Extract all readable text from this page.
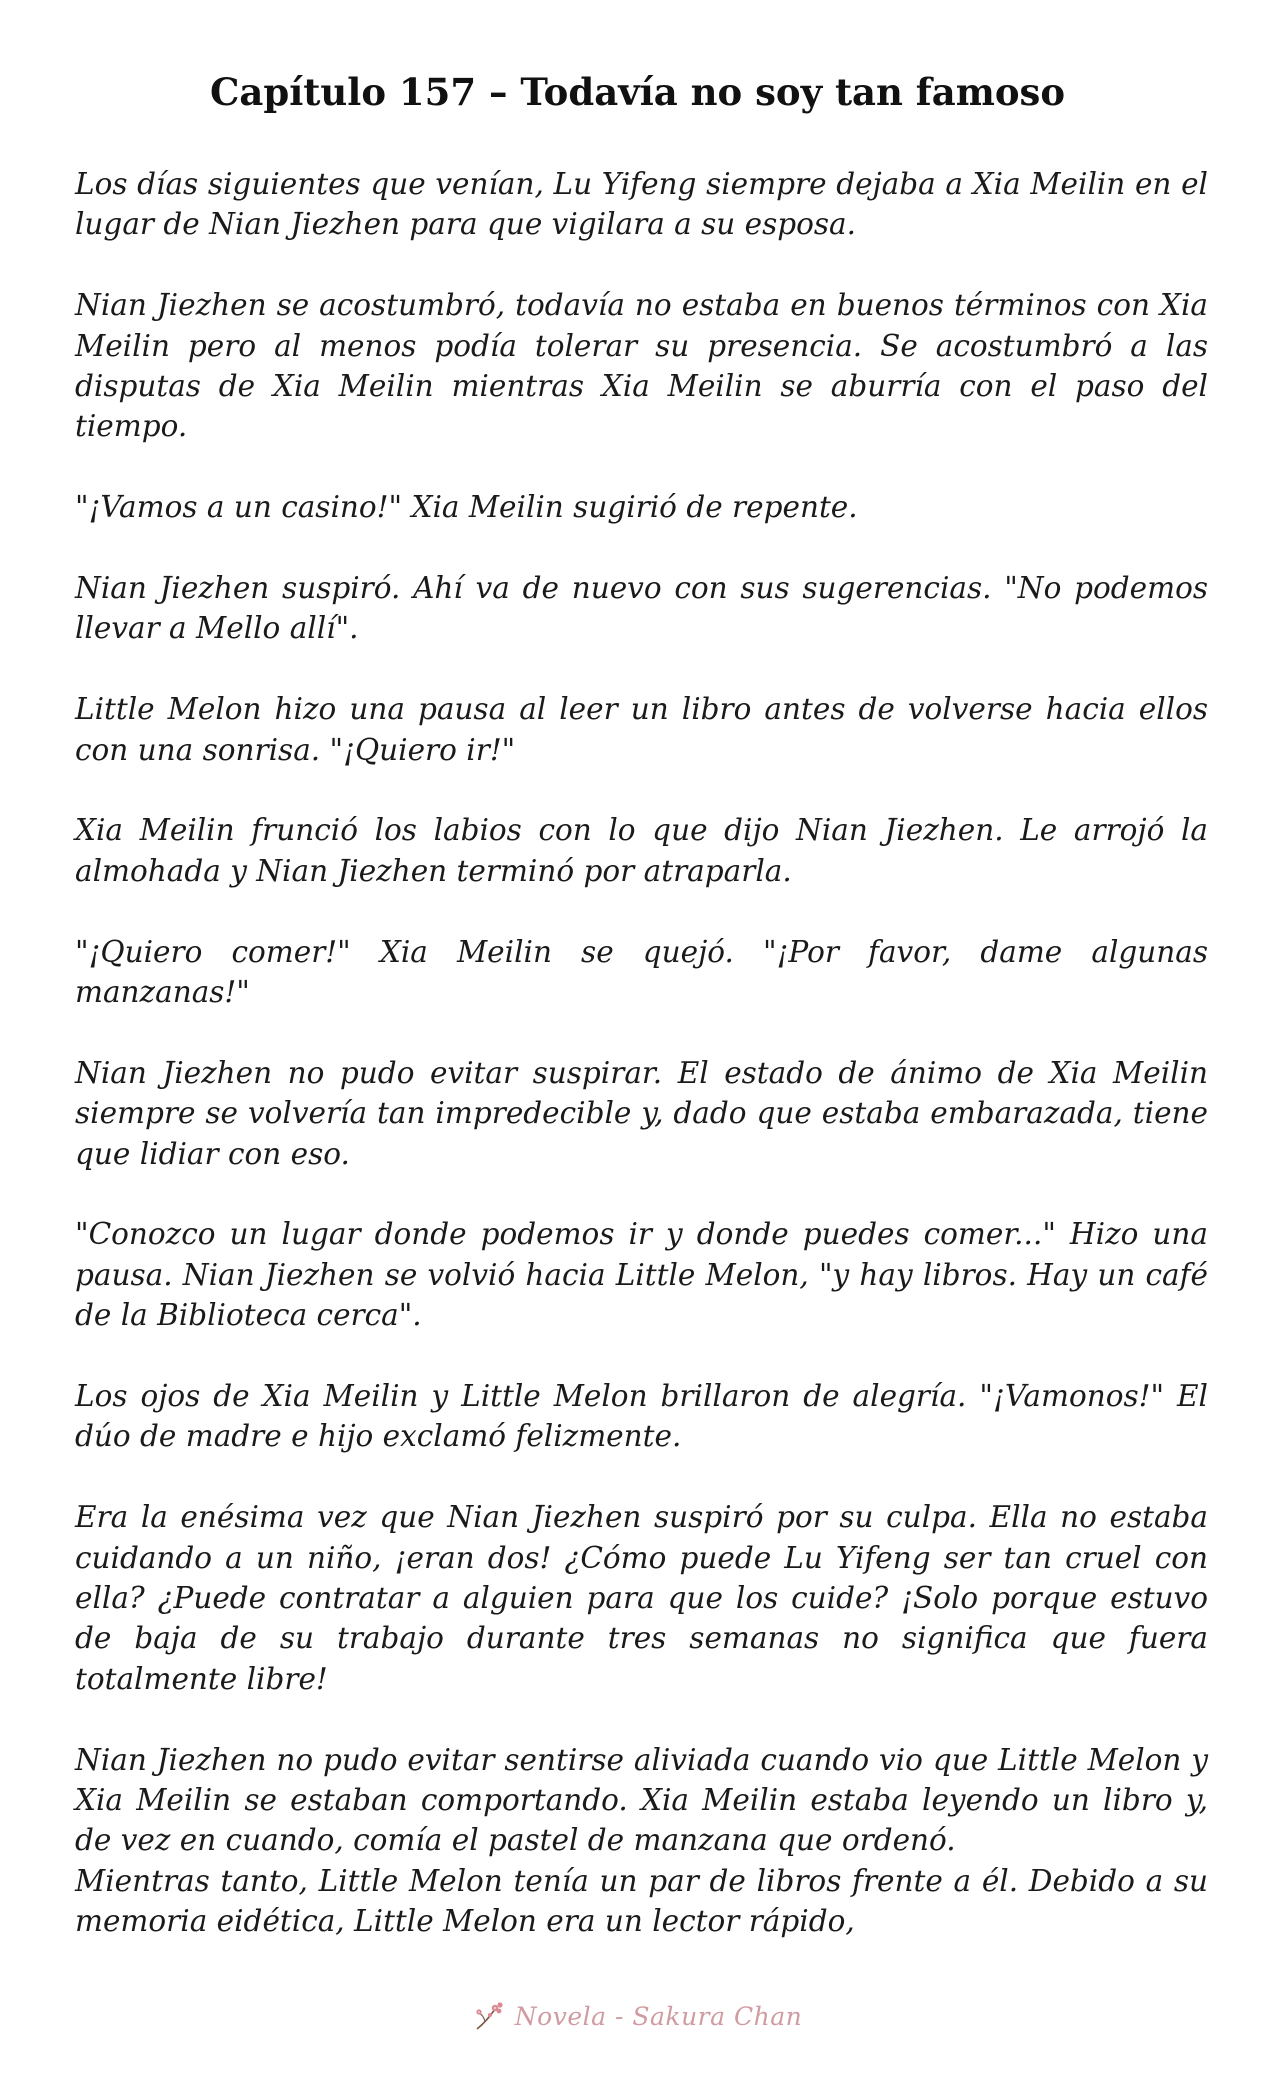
Capítulo 157 – Todavía no soy tan famoso

Los días siguientes que venían, Lu Yifeng siempre dejaba a Xia Meilin en el lugar de Nian Jiezhen para que vigilara a su esposa.

Nian Jiezhen se acostumbró, todavía no estaba en buenos términos con Xia Meilin pero al menos podía tolerar su presencia. Se acostumbró a las disputas de Xia Meilin mientras Xia Meilin se aburría con el paso del tiempo.

"¡Vamos a un casino!" Xia Meilin sugirió de repente.

Nian Jiezhen suspiró. Ahí va de nuevo con sus sugerencias. "No podemos llevar a Mello allí".

Little Melon hizo una pausa al leer un libro antes de volverse hacia ellos con una sonrisa. "¡Quiero ir!"

Xia Meilin frunció los labios con lo que dijo Nian Jiezhen. Le arrojó la almohada y Nian Jiezhen terminó por atraparla.

"¡Quiero comer!" Xia Meilin se quejó. "¡Por favor, dame algunas manzanas!"

Nian Jiezhen no pudo evitar suspirar. El estado de ánimo de Xia Meilin siempre se volvería tan impredecible y, dado que estaba embarazada, tiene que lidiar con eso.

"Conozco un lugar donde podemos ir y donde puedes comer..." Hizo una pausa. Nian Jiezhen se volvió hacia Little Melon, "y hay libros. Hay un café de la Biblioteca cerca".

Los ojos de Xia Meilin y Little Melon brillaron de alegría. "¡Vamonos!" El dúo de madre e hijo exclamó felizmente.

Era la enésima vez que Nian Jiezhen suspiró por su culpa. Ella no estaba cuidando a un niño, ¡eran dos! ¿Cómo puede Lu Yifeng ser tan cruel con ella? ¿Puede contratar a alguien para que los cuide? ¡Solo porque estuvo de baja de su trabajo durante tres semanas no significa que fuera totalmente libre!

Nian Jiezhen no pudo evitar sentirse aliviada cuando vio que Little Melon y Xia Meilin se estaban comportando. Xia Meilin estaba leyendo un libro y, de vez en cuando, comía el pastel de manzana que ordenó.

Mientras tanto, Little Melon tenía un par de libros frente a él. Debido a su memoria eidética, Little Melon era un lector rápido,

Novela - Sakura Chan
